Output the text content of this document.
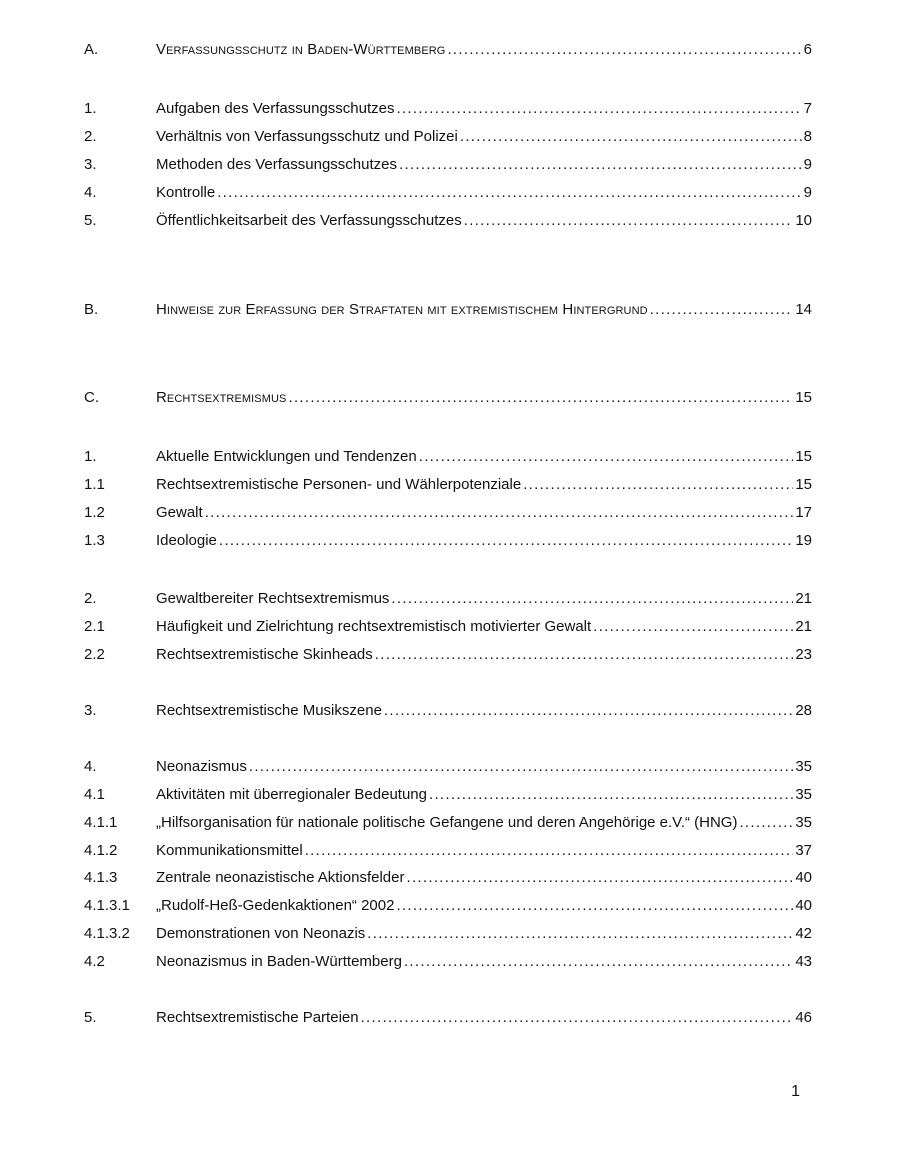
A.	Verfassungsschutz in Baden-Württemberg .....	6
1.	Aufgaben des Verfassungsschutzes .....	7
2.	Verhältnis von Verfassungsschutz und Polizei .....	8
3.	Methoden des Verfassungsschutzes .....	9
4.	Kontrolle .....	9
5.	Öffentlichkeitsarbeit des Verfassungsschutzes .....	10
B.	Hinweise zur Erfassung der Straftaten mit extremistischem Hintergrund .....	14
C.	Rechtsextremismus .....	15
1.	Aktuelle Entwicklungen und Tendenzen .....	15
1.1	Rechtsextremistische Personen- und Wählerpotenziale .....	15
1.2	Gewalt .....	17
1.3	Ideologie .....	19
2.	Gewaltbereiter Rechtsextremismus .....	21
2.1	Häufigkeit und Zielrichtung rechtsextremistisch motivierter Gewalt .....	21
2.2	Rechtsextremistische Skinheads .....	23
3.	Rechtsextremistische Musikszene .....	28
4.	Neonazismus .....	35
4.1	Aktivitäten mit überregionaler Bedeutung .....	35
4.1.1	„Hilfsorganisation für nationale politische Gefangene und deren Angehörige e.V.“ (HNG) .....	35
4.1.2	Kommunikationsmittel .....	37
4.1.3	Zentrale neonazistische Aktionsfelder .....	40
4.1.3.1	„Rudolf-Heß-Gedenkaktionen“ 2002 .....	40
4.1.3.2	Demonstrationen von Neonazis .....	42
4.2	Neonazismus in Baden-Württemberg .....	43
5.	Rechtsextremistische Parteien .....	46
1
